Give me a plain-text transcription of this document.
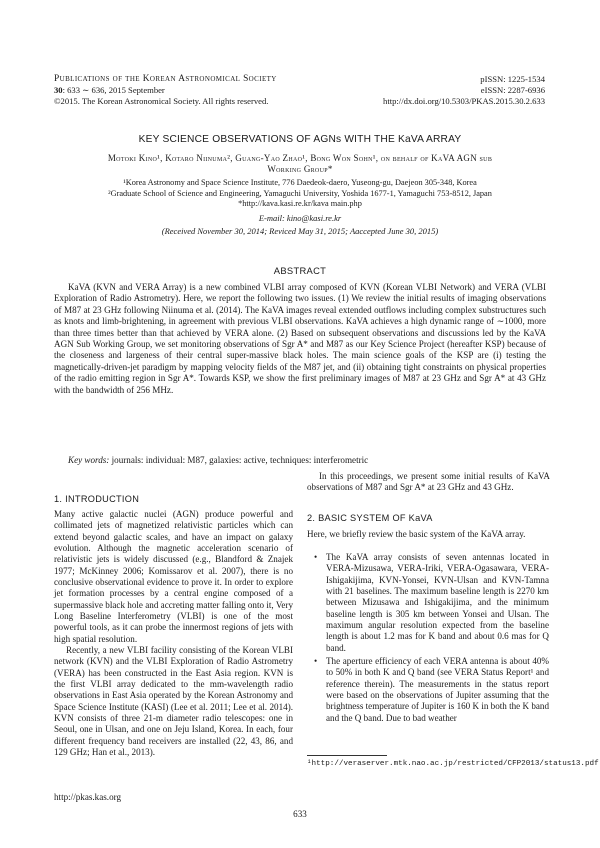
Publications of the Korean Astronomical Society
30: 633 ∼ 636, 2015 September
©2015. The Korean Astronomical Society. All rights reserved.
pISSN: 1225-1534
eISSN: 2287-6936
http://dx.doi.org/10.5303/PKAS.2015.30.2.633
KEY SCIENCE OBSERVATIONS OF AGNs WITH THE KaVA ARRAY
Motoki Kino¹, Kotaro Niinuma², Guang-Yao Zhao¹, Bong Won Sohn¹, on behalf of KaVA AGN sub
Working Group*
¹Korea Astronomy and Space Science Institute, 776 Daedeok-daero, Yuseong-gu, Daejeon 305-348, Korea
²Graduate School of Science and Engineering, Yamaguchi University, Yoshida 1677-1, Yamaguchi 753-8512, Japan
*http://kava.kasi.re.kr/kava main.php
E-mail: kino@kasi.re.kr
(Received November 30, 2014; Reviced May 31, 2015; Aaccepted June 30, 2015)
ABSTRACT

KaVA (KVN and VERA Array) is a new combined VLBI array composed of KVN (Korean VLBI Network) and VERA (VLBI Exploration of Radio Astrometry). Here, we report the following two issues. (1) We review the initial results of imaging observations of M87 at 23 GHz following Niinuma et al. (2014). The KaVA images reveal extended outflows including complex substructures such as knots and limb-brightening, in agreement with previous VLBI observations. KaVA achieves a high dynamic range of ∼1000, more than three times better than that achieved by VERA alone. (2) Based on subsequent observations and discussions led by the KaVA AGN Sub Working Group, we set monitoring observations of Sgr A* and M87 as our Key Science Project (hereafter KSP) because of the closeness and largeness of their central super-massive black holes. The main science goals of the KSP are (i) testing the magnetically-driven-jet paradigm by mapping velocity fields of the M87 jet, and (ii) obtaining tight constraints on physical properties of the radio emitting region in Sgr A*. Towards KSP, we show the first preliminary images of M87 at 23 GHz and Sgr A* at 43 GHz with the bandwidth of 256 MHz.

Key words: journals: individual: M87, galaxies: active, techniques: interferometric

1. INTRODUCTION

Many active galactic nuclei (AGN) produce powerful and collimated jets of magnetized relativistic particles which can extend beyond galactic scales, and have an impact on galaxy evolution. Although the magnetic acceleration scenario of relativistic jets is widely discussed (e.g., Blandford & Znajek 1977; McKinney 2006; Komissarov et al. 2007), there is no conclusive observational evidence to prove it. In order to explore jet formation processes by a central engine composed of a supermassive black hole and accreting matter falling onto it, Very Long Baseline Interferometry (VLBI) is one of the most powerful tools, as it can probe the innermost regions of jets with high spatial resolution.

Recently, a new VLBI facility consisting of the Korean VLBI network (KVN) and the VLBI Exploration of Radio Astrometry (VERA) has been constructed in the East Asia region. KVN is the first VLBI array dedicated to the mm-wavelength radio observations in East Asia operated by the Korean Astronomy and Space Science Institute (KASI) (Lee et al. 2011; Lee et al. 2014). KVN consists of three 21-m diameter radio telescopes: one in Seoul, one in Ulsan, and one on Jeju Island, Korea. In each, four different frequency band receivers are installed (22, 43, 86, and 129 GHz; Han et al., 2013).

http://pkas.kas.org

In this proceedings, we present some initial results of KaVA observations of M87 and Sgr A* at 23 GHz and 43 GHz.

2. BASIC SYSTEM OF KaVA

Here, we briefly review the basic system of the KaVA array.

• The KaVA array consists of seven antennas located in VERA-Mizusawa, VERA-Iriki, VERA-Ogasawara, VERA-Ishigakijima, KVN-Yonsei, KVN-Ulsan and KVN-Tamna with 21 baselines. The maximum baseline length is 2270 km between Mizusawa and Ishigakijima, and the minimum baseline length is 305 km between Yonsei and Ulsan. The maximum angular resolution expected from the baseline length is about 1.2 mas for K band and about 0.6 mas for Q band.
• The aperture efficiency of each VERA antenna is about 40% to 50% in both K and Q band (see VERA Status Report¹ and reference therein). The measurements in the status report were based on the observations of Jupiter assuming that the brightness temperature of Jupiter is 160 K in both the K band and the Q band. Due to bad weather
¹http://veraserver.mtk.nao.ac.jp/restricted/CFP2013/status13.pdf
633
